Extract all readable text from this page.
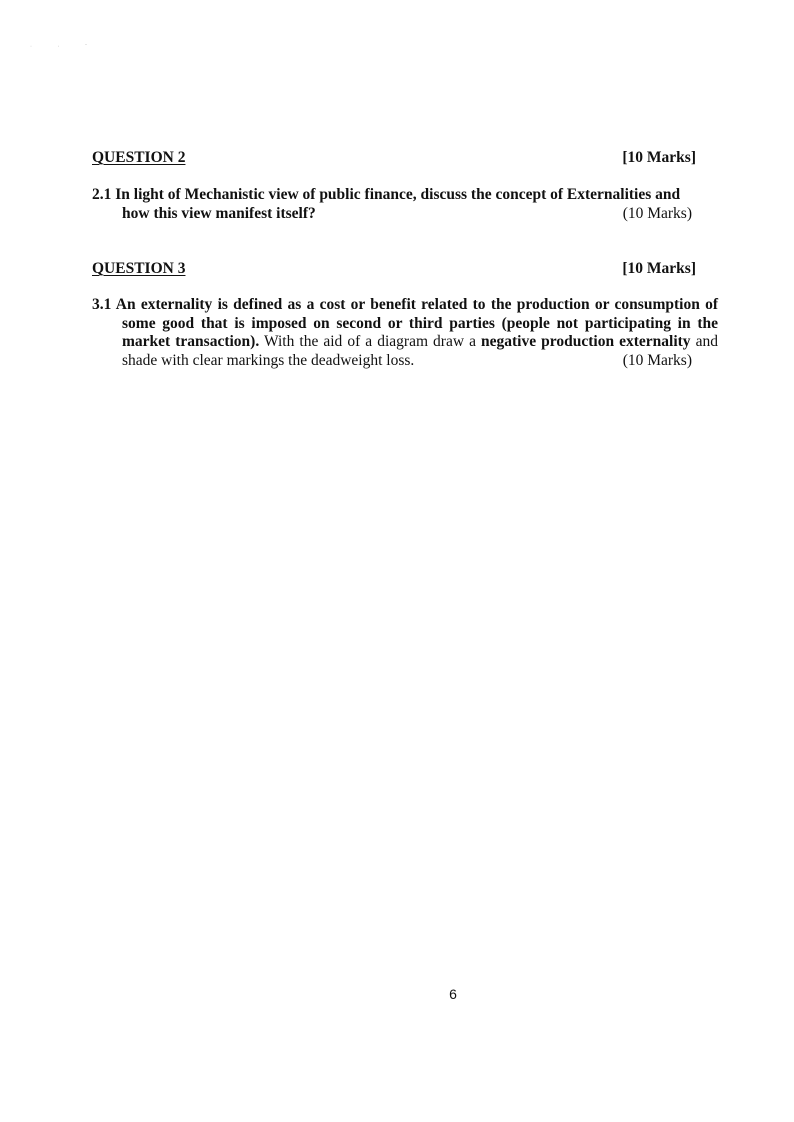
· · ˉ
QUESTION 2	[10 Marks]
2.1 In light of Mechanistic view of public finance, discuss the concept of Externalities and
how this view manifest itself?	(10 Marks)
QUESTION 3	[10 Marks]
3.1 An externality is defined as a cost or benefit related to the production or consumption of
some good that is imposed on second or third parties (people not participating in the
market transaction). With the aid of a diagram draw a negative production externality and
shade with clear markings the deadweight loss.	(10 Marks)
6
